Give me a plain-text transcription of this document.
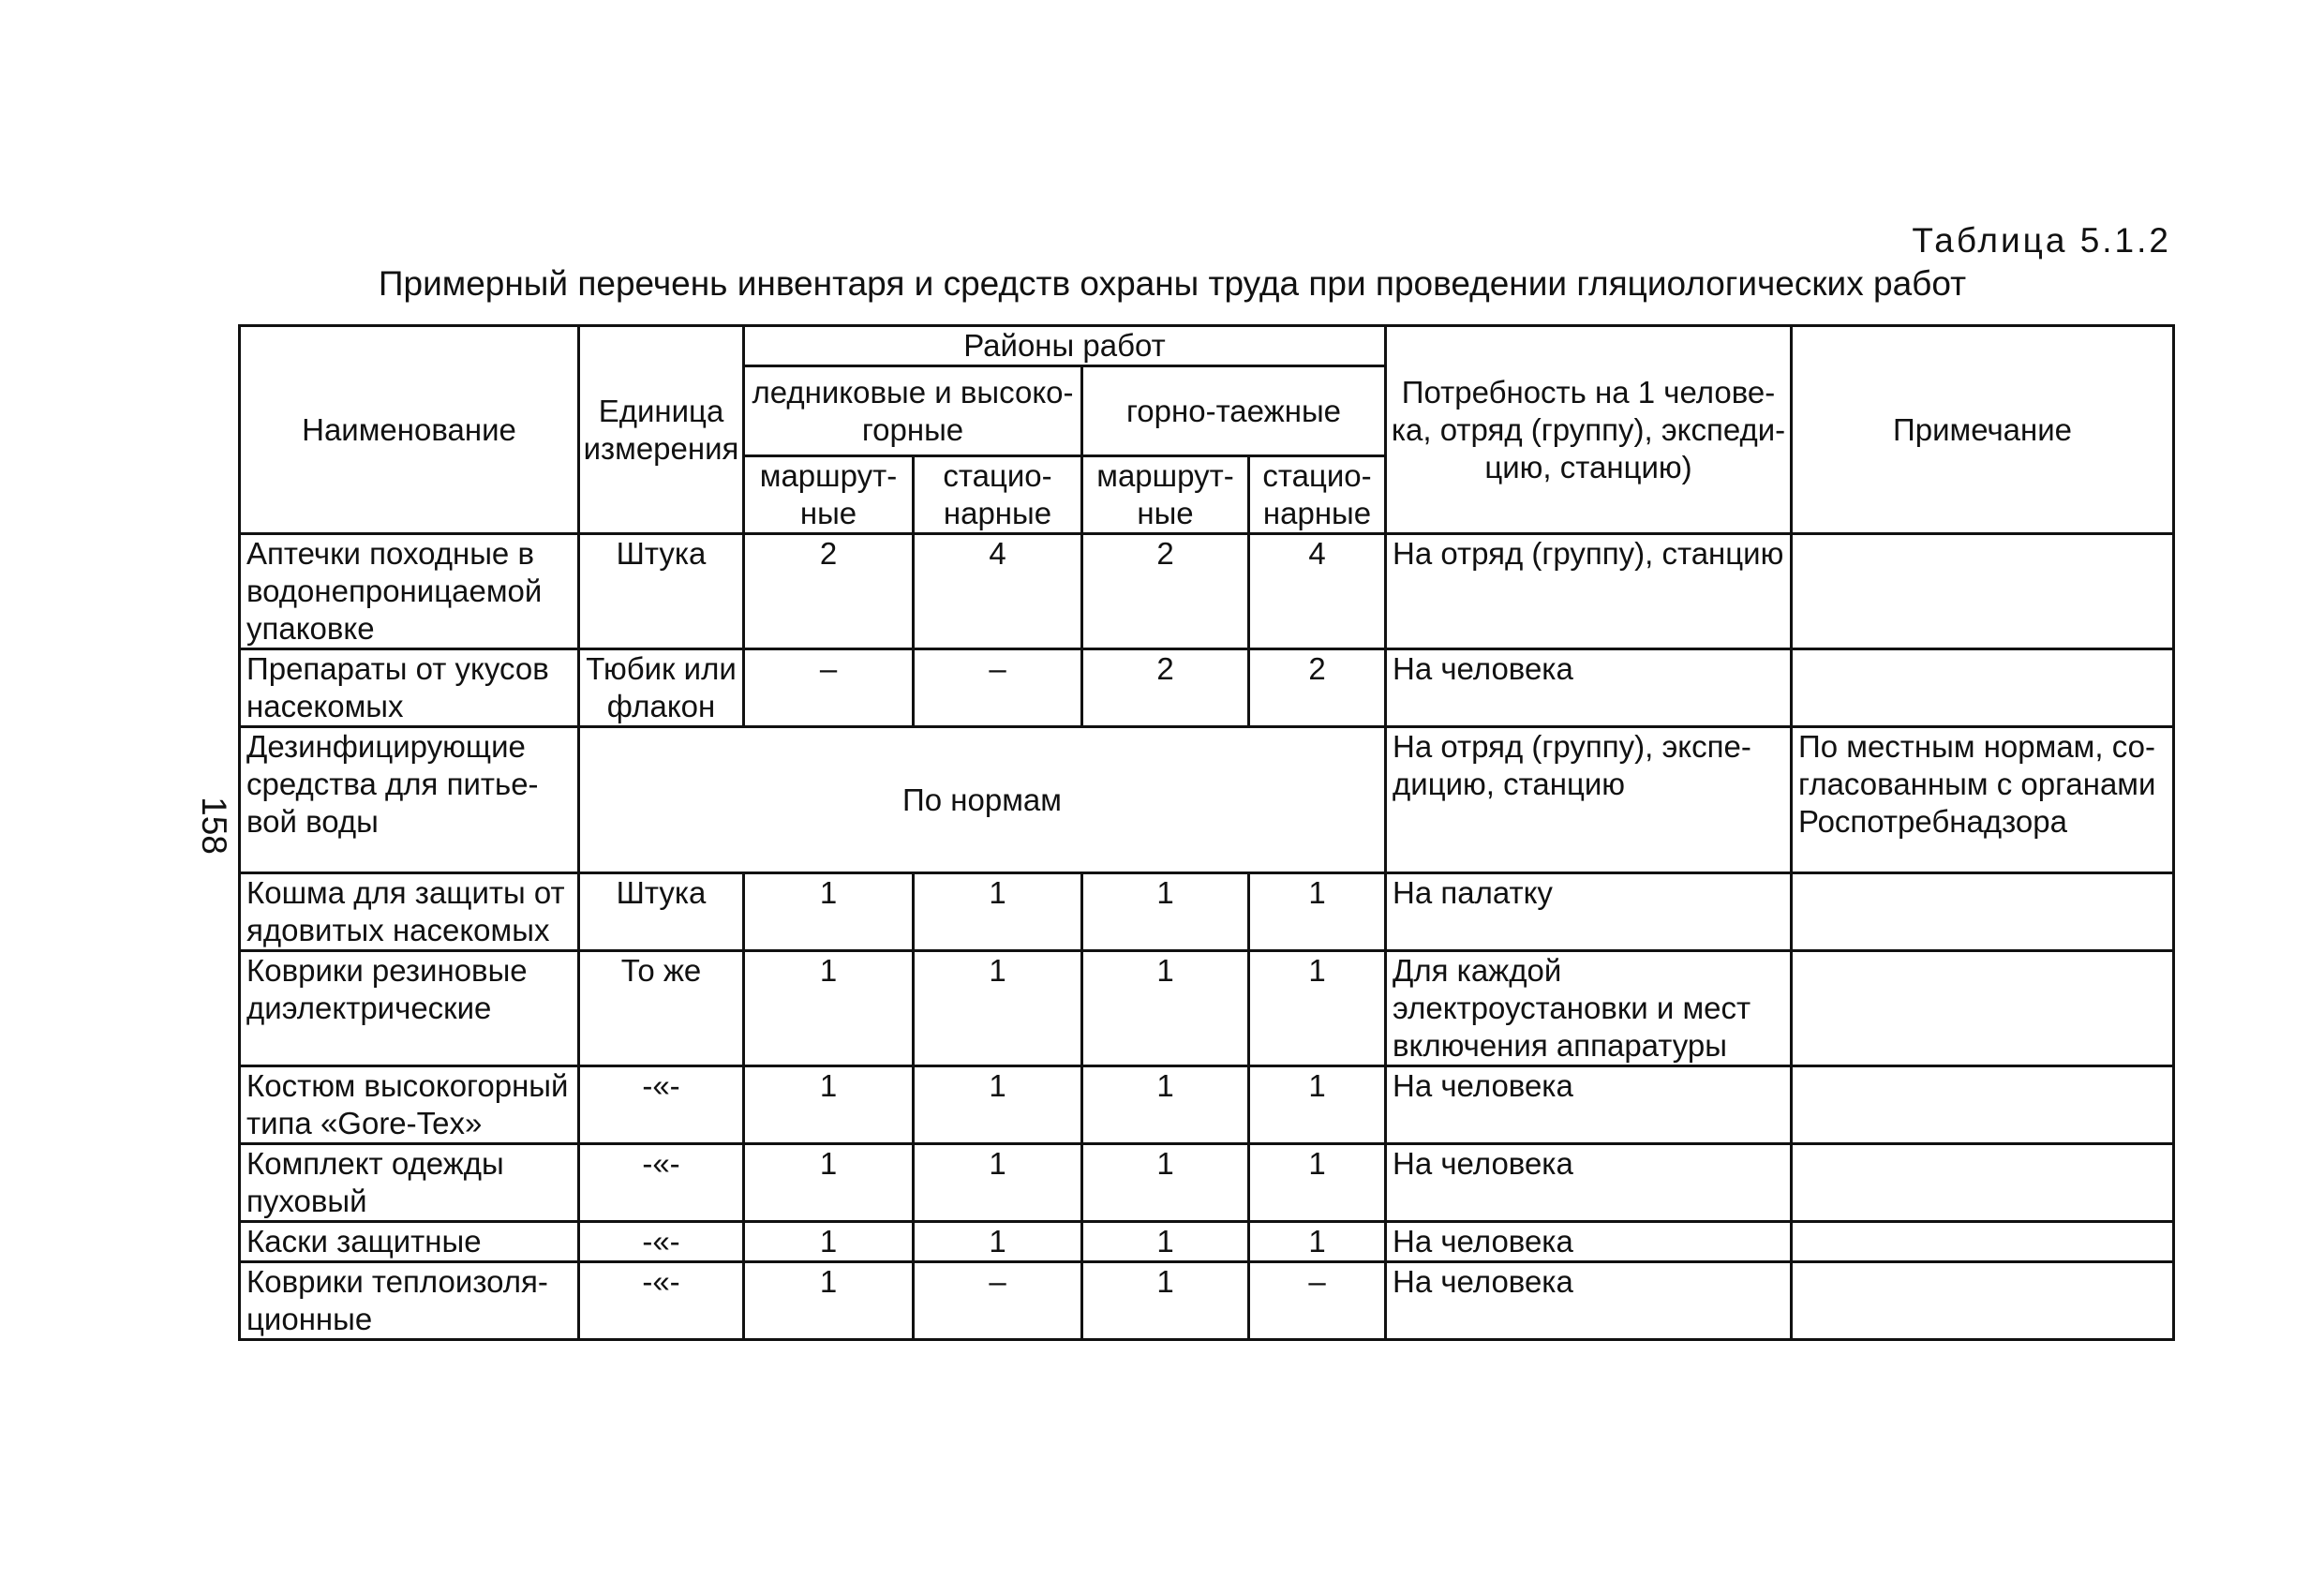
Таблица 5.1.2
Примерный перечень инвентаря и средств охраны труда при проведении гляциологических работ
158
Наименование	Единица измерения	Районы работ				Потребность на 1 человека, отряд (группу), экспедицию, станцию)	Примечание
		ледниковые и высокогорные		горно-таежные			
		маршрутные	стационарные	маршрутные	стационарные		
Аптечки походные в водонепроницаемой упаковке	Штука	2	4	2	4	На отряд (группу), станцию	
Препараты от укусов насекомых	Тюбик или флакон	–	–	2	2	На человека	
Дезинфицирующие средства для питьевой воды	По нормам					На отряд (группу), экспедицию, станцию	По местным нормам, согласованным с органами Роспотребнадзора
Кошма для защиты от ядовитых насекомых	Штука	1	1	1	1	На палатку	
Коврики резиновые диэлектрические	То же	1	1	1	1	Для каждой электроустановки и мест включения аппаратуры	
Костюм высокогорный типа «Gore-Tex»	-«-	1	1	1	1	На человека	
Комплект одежды пуховый	-«-	1	1	1	1	На человека	
Каски защитные	-«-	1	1	1	1	На человека	
Коврики теплоизоляционные	-«-	1	–	1	–	На человека	
